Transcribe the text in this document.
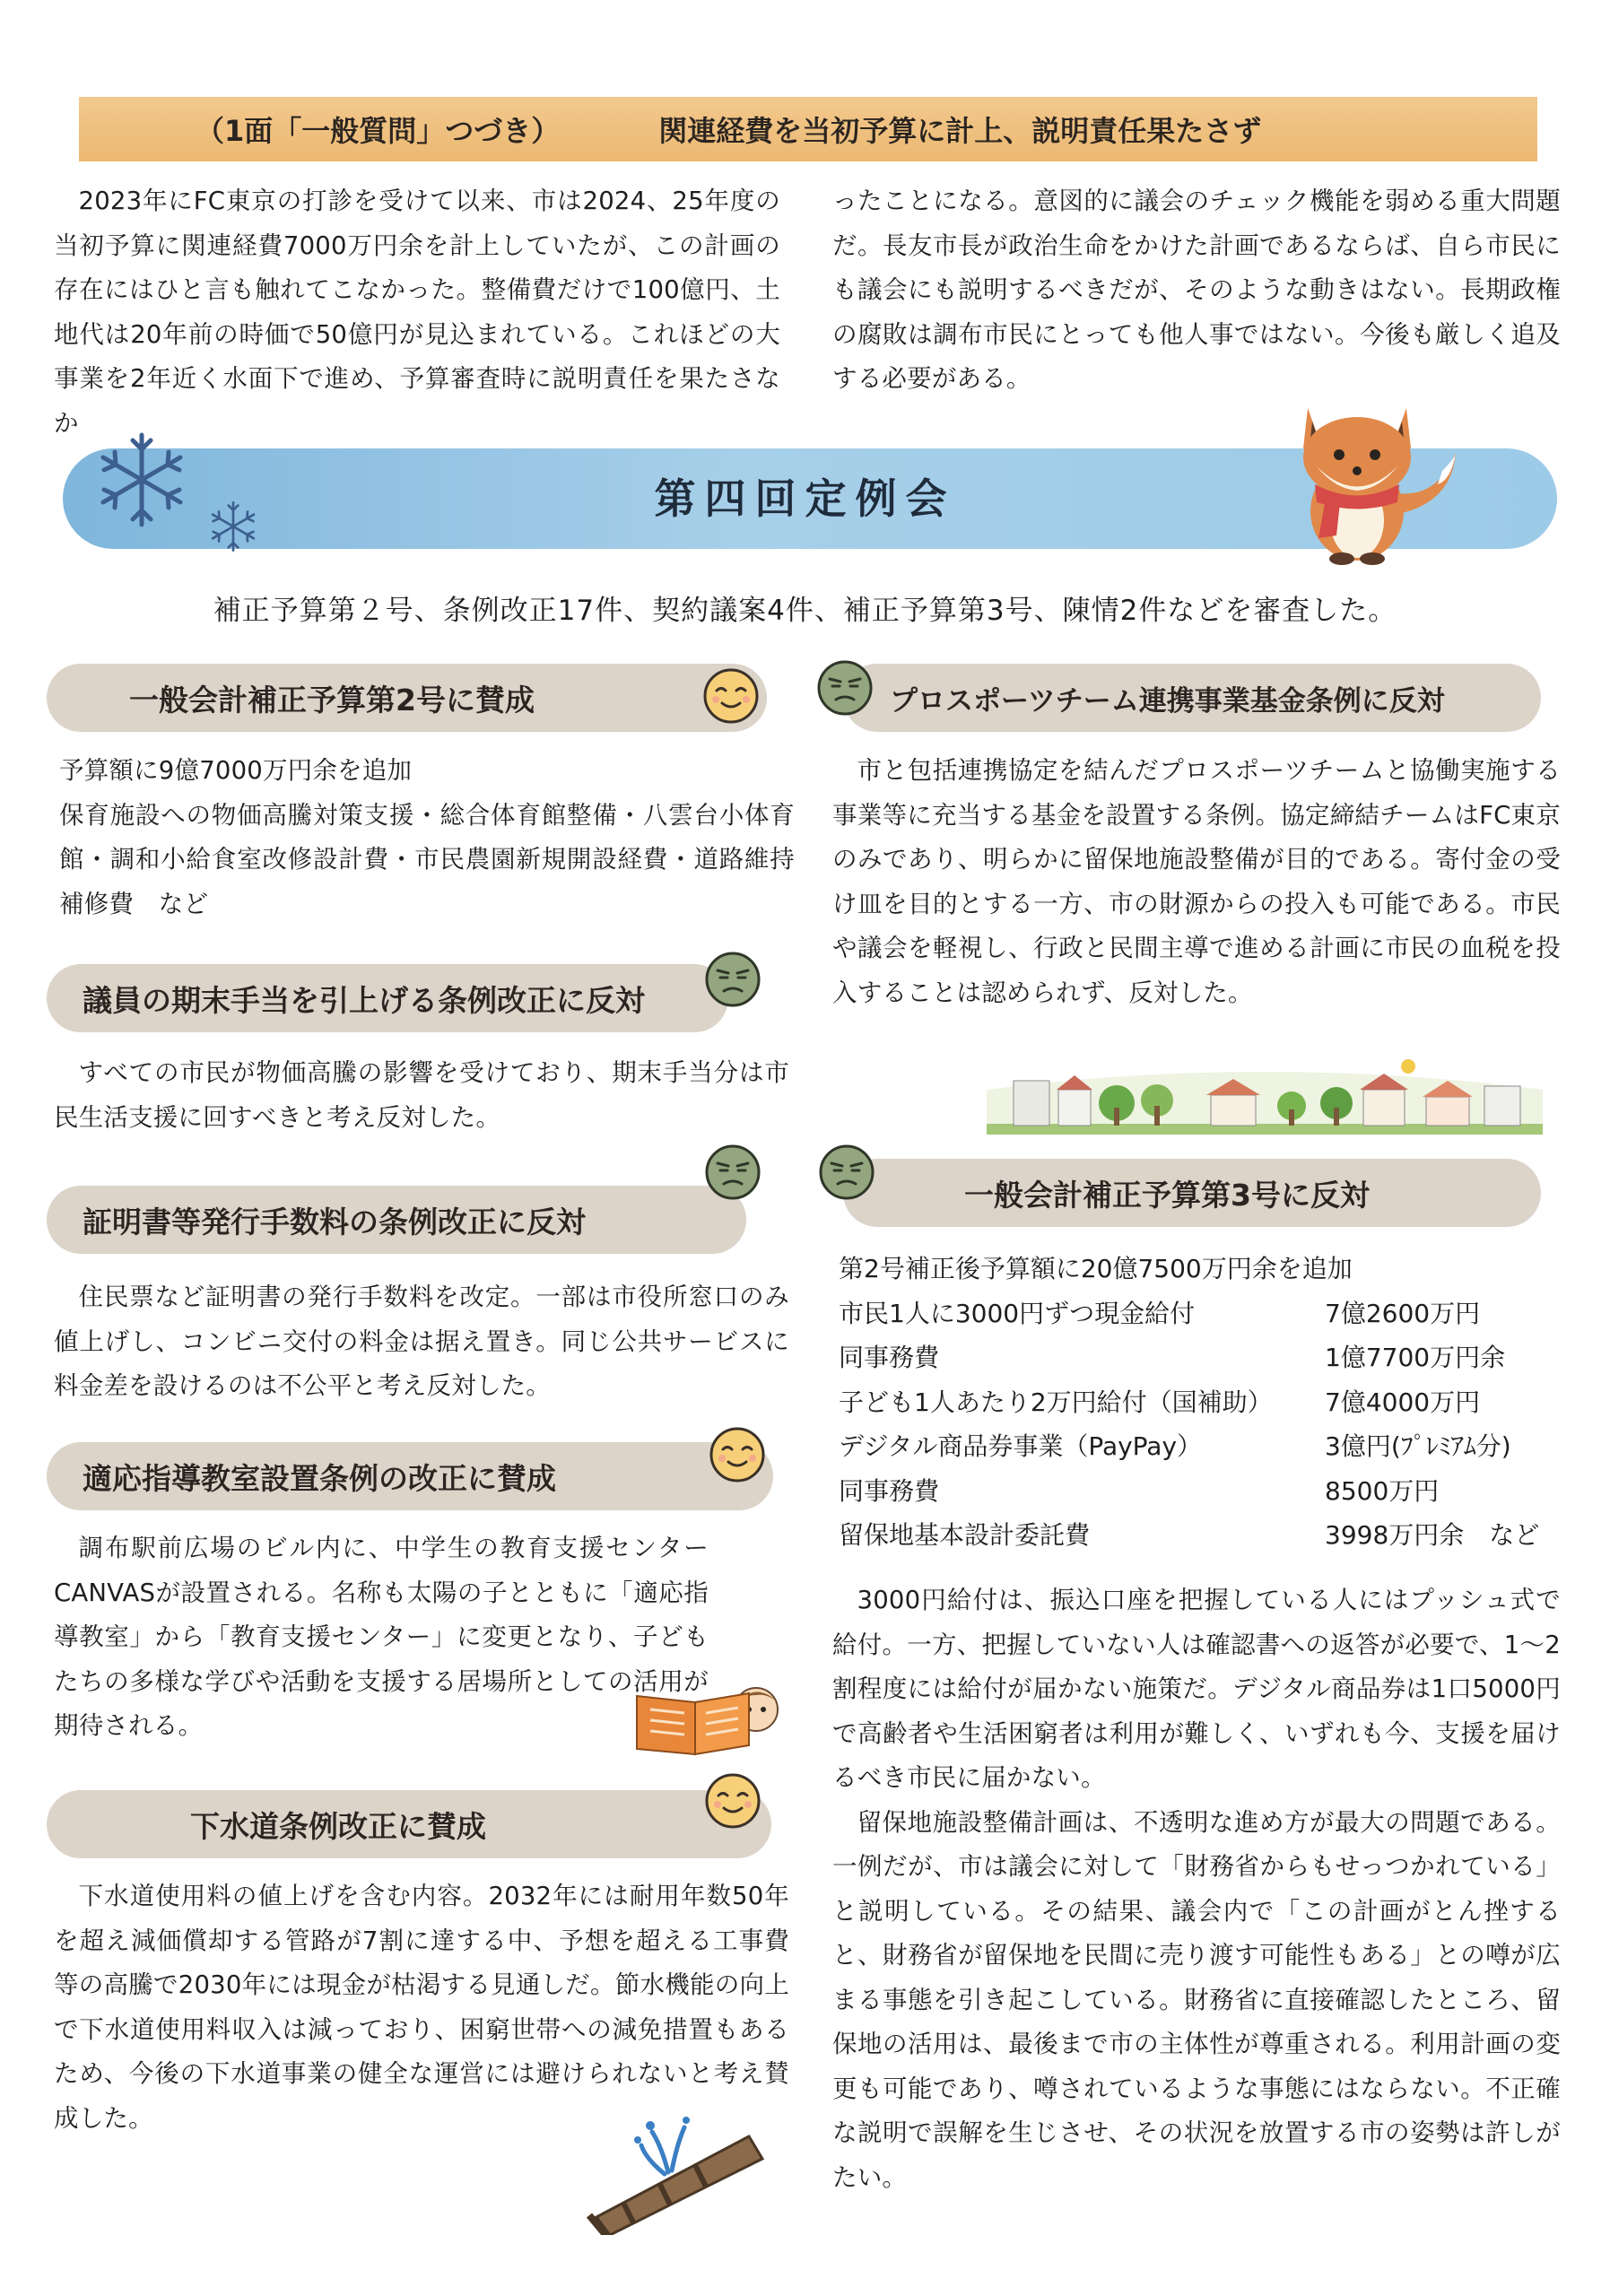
（1面「一般質問」つづき）	関連経費を当初予算に計上、説明責任果たさず

2023年にFC東京の打診を受けて以来、市は2024、25年度の当初予算に関連経費7000万円余を計上していたが、この計画の存在にはひと言も触れてこなかった。整備費だけで100億円、土地代は20年前の時価で50億円が見込まれている。これほどの大事業を2年近く水面下で進め、予算審査時に説明責任を果たさなか

ったことになる。意図的に議会のチェック機能を弱める重大問題だ。長友市長が政治生命をかけた計画であるならば、自ら市民にも議会にも説明するべきだが、そのような動きはない。長期政権の腐敗は調布市民にとっても他人事ではない。今後も厳しく追及する必要がある。

第四回定例会
補正予算第２号、条例改正17件、契約議案4件、補正予算第3号、陳情2件などを審査した。
一般会計補正予算第2号に賛成

予算額に9億7000万円余を追加

保育施設への物価高騰対策支援・総合体育館整備・八雲台小体育館・調和小給食室改修設計費・市民農園新規開設経費・道路維持補修費　など

議員の期末手当を引上げる条例改正に反対

すべての市民が物価高騰の影響を受けており、期末手当分は市民生活支援に回すべきと考え反対した。

証明書等発行手数料の条例改正に反対

住民票など証明書の発行手数料を改定。一部は市役所窓口のみ値上げし、コンビニ交付の料金は据え置き。同じ公共サービスに料金差を設けるのは不公平と考え反対した。

適応指導教室設置条例の改正に賛成

調布駅前広場のビル内に、中学生の教育支援センターCANVASが設置される。名称も太陽の子とともに「適応指導教室」から「教育支援センター」に変更となり、子どもたちの多様な学びや活動を支援する居場所としての活用が期待される。

下水道条例改正に賛成

下水道使用料の値上げを含む内容。2032年には耐用年数50年を超え減価償却する管路が7割に達する中、予想を超える工事費等の高騰で2030年には現金が枯渇する見通しだ。節水機能の向上で下水道使用料収入は減っており、困窮世帯への減免措置もあるため、今後の下水道事業の健全な運営には避けられないと考え賛成した。

プロスポーツチーム連携事業基金条例に反対

市と包括連携協定を結んだプロスポーツチームと協働実施する事業等に充当する基金を設置する条例。協定締結チームはFC東京のみであり、明らかに留保地施設整備が目的である。寄付金の受け皿を目的とする一方、市の財源からの投入も可能である。市民や議会を軽視し、行政と民間主導で進める計画に市民の血税を投入することは認められず、反対した。

一般会計補正予算第3号に反対
第2号補正後予算額に20億7500万円余を追加
市民1人に3000円ずつ現金給付	7億2600万円
同事務費	1億7700万円余
子ども1人あたり2万円給付（国補助）	7億4000万円
デジタル商品券事業（PayPay）	3億円(ﾌﾟﾚﾐｱﾑ分)
同事務費	8500万円
留保地基本設計委託費	3998万円余　など

3000円給付は、振込口座を把握している人にはプッシュ式で給付。一方、把握していない人は確認書への返答が必要で、1～2割程度には給付が届かない施策だ。デジタル商品券は1口5000円で高齢者や生活困窮者は利用が難しく、いずれも今、支援を届けるべき市民に届かない。

留保地施設整備計画は、不透明な進め方が最大の問題である。一例だが、市は議会に対して「財務省からもせっつかれている」と説明している。その結果、議会内で「この計画がとん挫すると、財務省が留保地を民間に売り渡す可能性もある」との噂が広まる事態を引き起こしている。財務省に直接確認したところ、留保地の活用は、最後まで市の主体性が尊重される。利用計画の変更も可能であり、噂されているような事態にはならない。不正確な説明で誤解を生じさせ、その状況を放置する市の姿勢は許しがたい。
